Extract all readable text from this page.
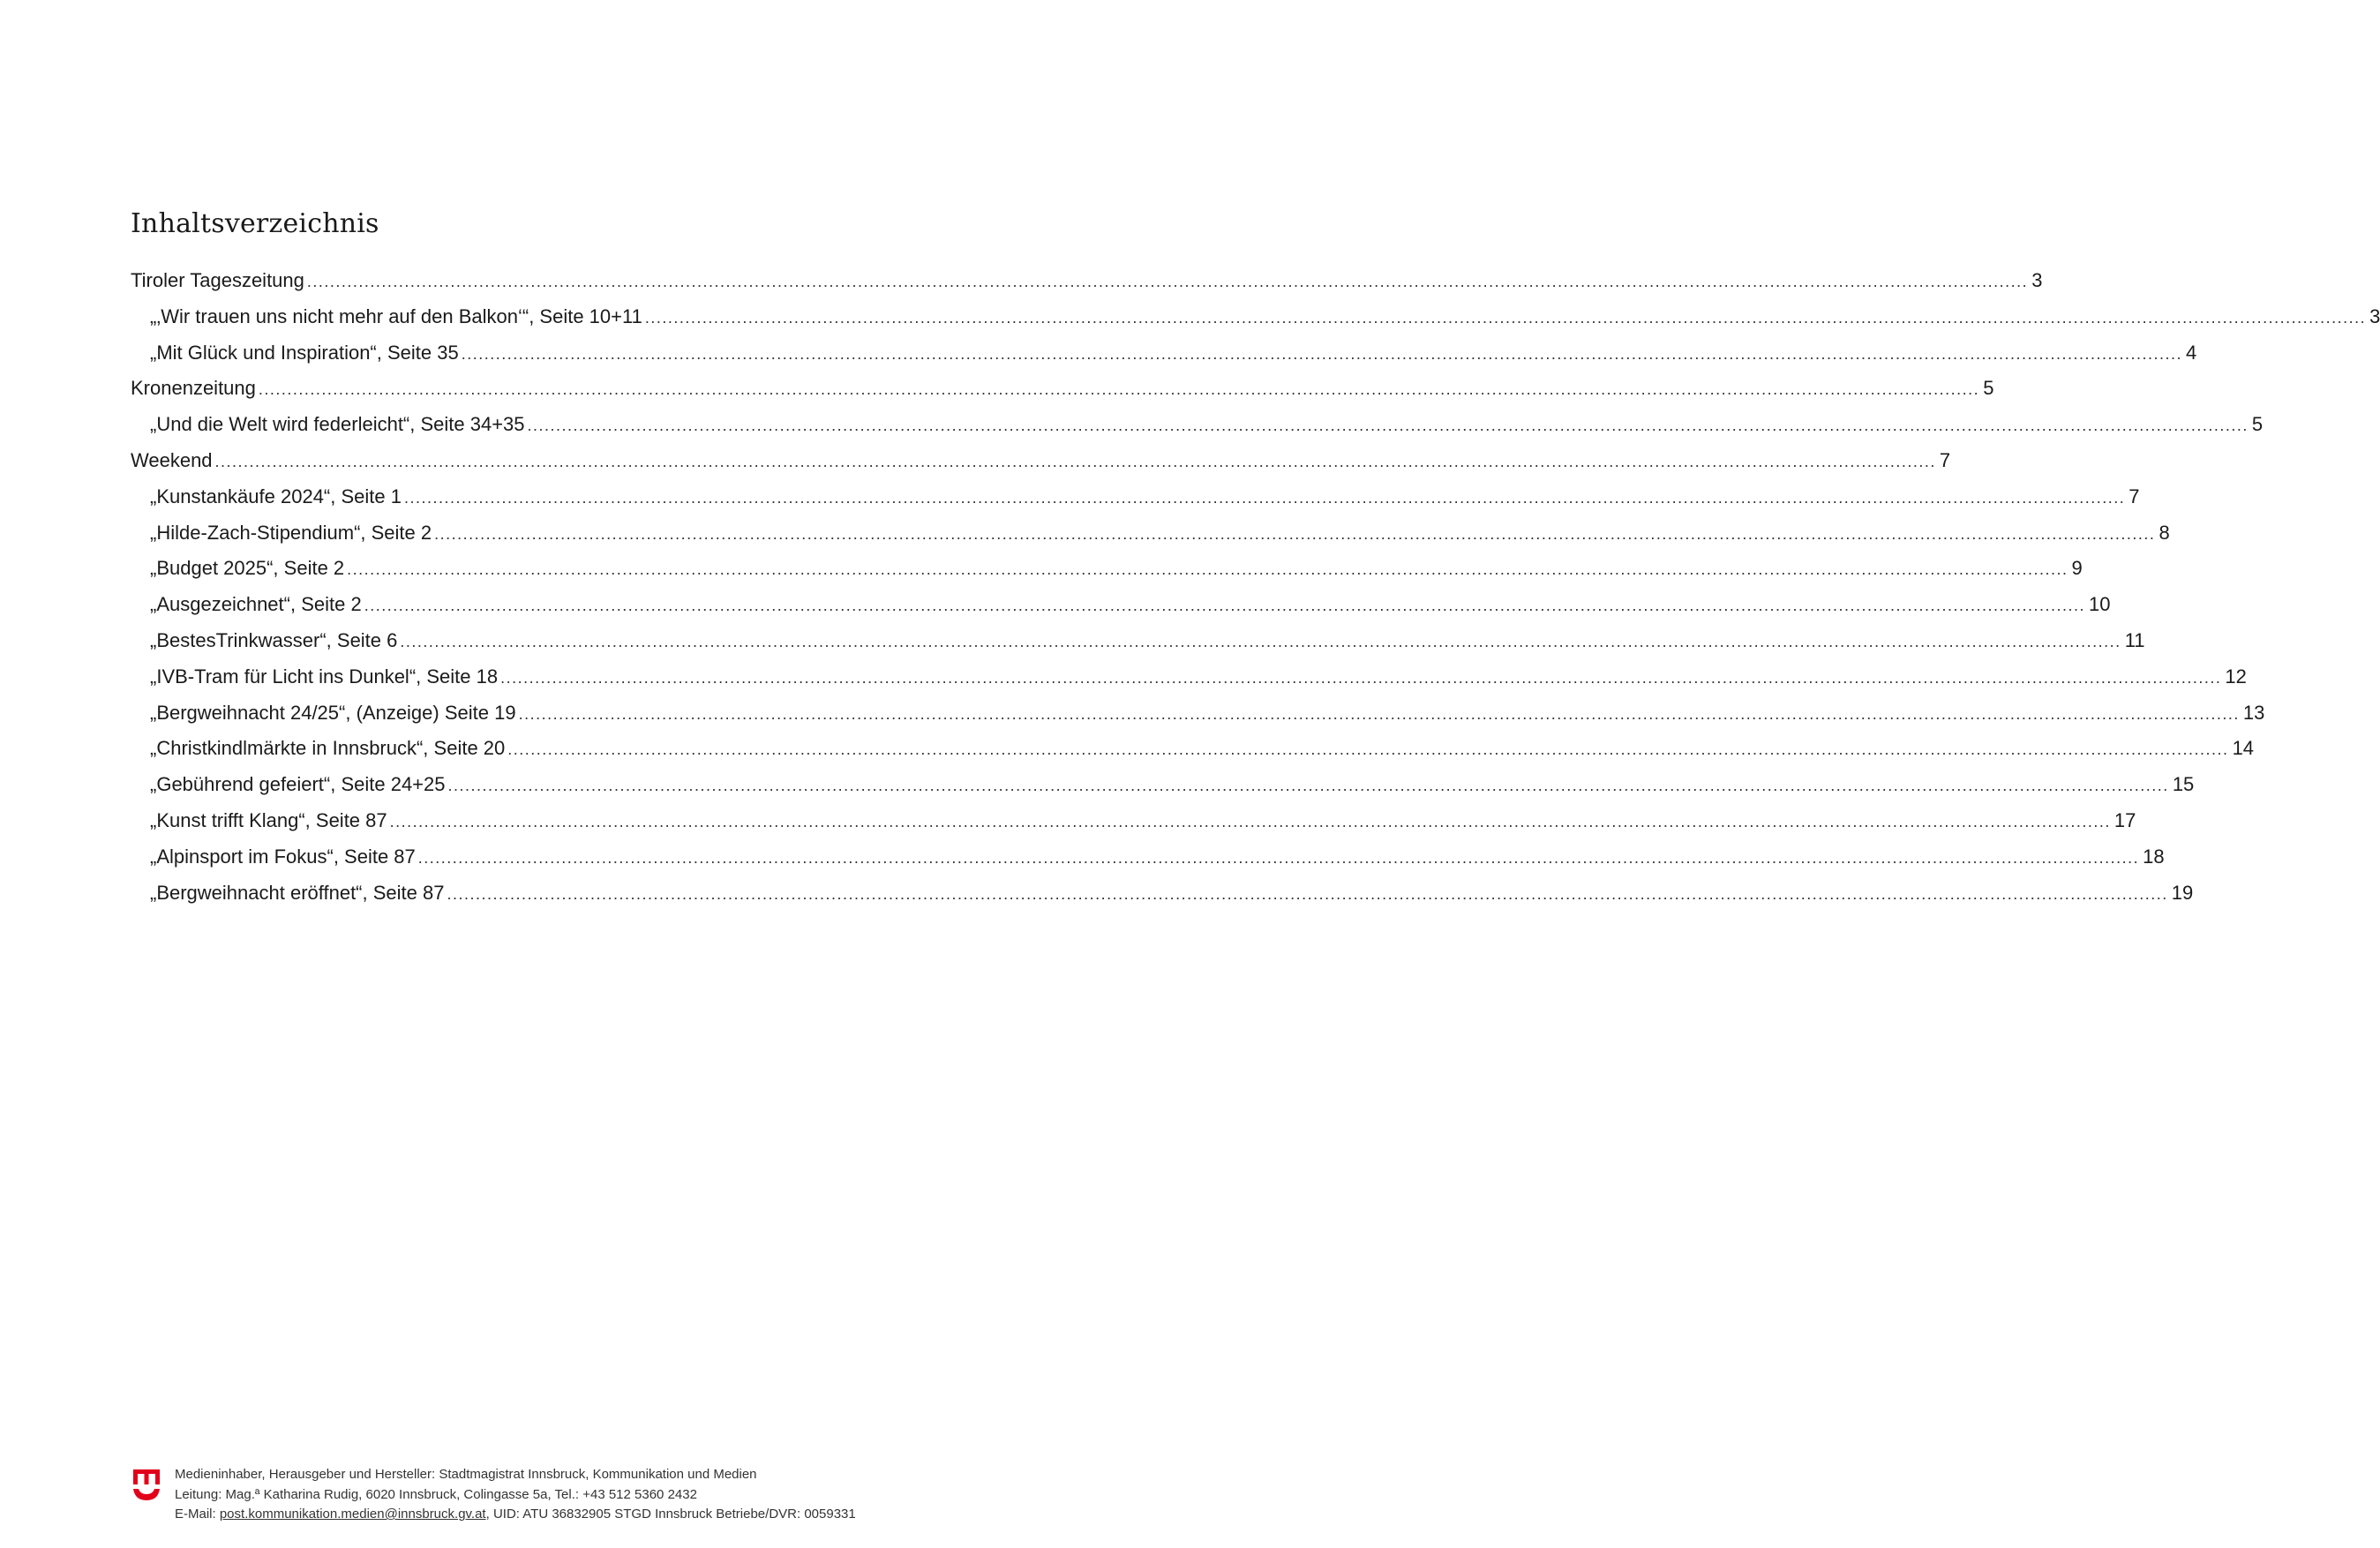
Inhaltsverzeichnis
Tiroler Tageszeitung ............................................................................................................................................................................................................................................................................................................ 3
„‚Wir trauen uns nicht mehr auf den Balkon‘“, Seite 10+11 ............................................................................................................................................................................................................................................................................................................ 3
„Mit Glück und Inspiration“, Seite 35 ............................................................................................................................................................................................................................................................................................................ 4
Kronenzeitung ............................................................................................................................................................................................................................................................................................................ 5
„Und die Welt wird federleicht“, Seite 34+35 ............................................................................................................................................................................................................................................................................................................ 5
Weekend ............................................................................................................................................................................................................................................................................................................ 7
„Kunstankäufe 2024“, Seite 1 ............................................................................................................................................................................................................................................................................................................ 7
„Hilde-Zach-Stipendium“, Seite 2 ............................................................................................................................................................................................................................................................................................................ 8
„Budget 2025“, Seite 2 ............................................................................................................................................................................................................................................................................................................ 9
„Ausgezeichnet“, Seite 2 ............................................................................................................................................................................................................................................................................................................ 10
„BestesTrinkwasser“, Seite 6 ............................................................................................................................................................................................................................................................................................................ 11
„IVB-Tram für Licht ins Dunkel“, Seite 18 ............................................................................................................................................................................................................................................................................................................ 12
„Bergweihnacht 24/25“, (Anzeige) Seite 19 ............................................................................................................................................................................................................................................................................................................ 13
„Christkindlmärkte in Innsbruck“, Seite 20 ............................................................................................................................................................................................................................................................................................................ 14
„Gebührend gefeiert“, Seite 24+25 ............................................................................................................................................................................................................................................................................................................ 15
„Kunst trifft Klang“, Seite 87 ............................................................................................................................................................................................................................................................................................................ 17
„Alpinsport im Fokus“, Seite 87 ............................................................................................................................................................................................................................................................................................................ 18
„Bergweihnacht eröffnet“, Seite 87 ............................................................................................................................................................................................................................................................................................................ 19
Medieninhaber, Herausgeber und Hersteller: Stadtmagistrat Innsbruck, Kommunikation und Medien
Leitung: Mag.ª Katharina Rudig, 6020 Innsbruck, Colingasse 5a, Tel.: +43 512 5360 2432
E-Mail: post.kommunikation.medien@innsbruck.gv.at, UID: ATU 36832905 STGD Innsbruck Betriebe/DVR: 0059331
